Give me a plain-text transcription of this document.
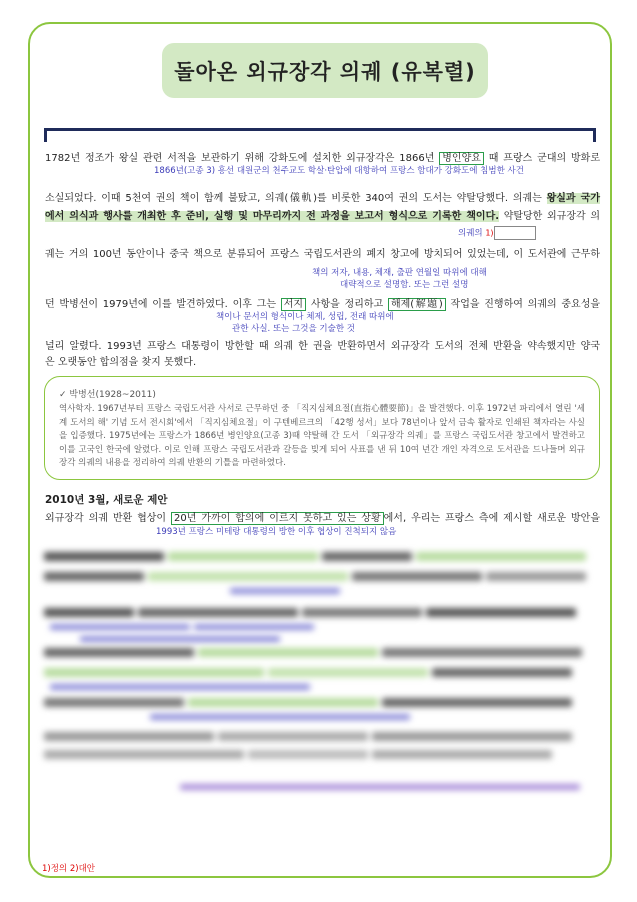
돌아온 외규장각 의궤 (유복렬)
1782년 정조가 왕실 관련 서적을 보관하기 위해 강화도에 설치한 외규장각은 1866년 병인양요 때 프랑스 군대의 방화로
1866년(고종 3) 흥선 대원군의 천주교도 학살·탄압에 대항하여 프랑스 함대가 강화도에 침범한 사건
소실되었다. 이때 5천여 권의 책이 함께 불탔고, 의궤(儀軌)를 비롯한 340여 권의 도서는 약탈당했다. 의궤는 왕실과 국가
에서 의식과 행사를 개최한 후 준비, 실행 및 마무리까지 전 과정을 보고서 형식으로 기록한 책이다. 약탈당한 외규장각 의
의궤의 1)
궤는 거의 100년 동안이나 중국 책으로 분류되어 프랑스 국립도서관의 폐지 창고에 방치되어 있었는데, 이 도서관에 근무하
책의 저자, 내용, 체재, 출판 연월일 따위에 대해
대략적으로 설명함. 또는 그런 설명
던 박병선이 1979년에 이를 발견하였다. 이후 그는 서지 사항을 정리하고 해제(解題) 작업을 진행하여 의궤의 중요성을
책이나 문서의 형식이나 체제, 성립, 전래 따위에
관한 사실. 또는 그것을 기술한 것
널리 알렸다. 1993년 프랑스 대통령이 방한할 때 의궤 한 권을 반환하면서 외규장각 도서의 전체 반환을 약속했지만 양국
은 오랫동안 합의점을 찾지 못했다.
✓ 박병선(1928~2011)
역사학자. 1967년부터 프랑스 국립도서관 사서로 근무하던 중 「직지심체요절(直指心體要節)」을 발견했다. 이후 1972년 파리에서 열린 '세계 도서의 해' 기념 도서 전시회'에서 「직지심체요절」이 구텐베르크의 「42행 성서」보다 78년이나 앞서 금속 활자로 인쇄된 책자라는 사실을 입증했다. 1975년에는 프랑스가 1866년 병인양요(고종 3)때 약탈해 간 도서 「외규장각 의궤」를 프랑스 국립도서관 창고에서 발견하고 이를 고국인 한국에 알렸다. 이로 인해 프랑스 국립도서관과 갈등을 빚게 되어 사표를 낸 뒤 10여 년간 개인 자격으로 도서관을 드나들며 외규 장각 의궤의 내용을 정리하여 의궤 반환의 기틀을 마련하였다.
2010년 3월, 새로운 제안
외규장각 의궤 반환 협상이 20년 가까이 합의에 이르지 못하고 있는 상황 에서, 우리는 프랑스 측에 제시할 새로운 방안을
1993년 프랑스 미테랑 대통령의 방한 이후 협상이 진척되지 않음
1)정의 2)대안
